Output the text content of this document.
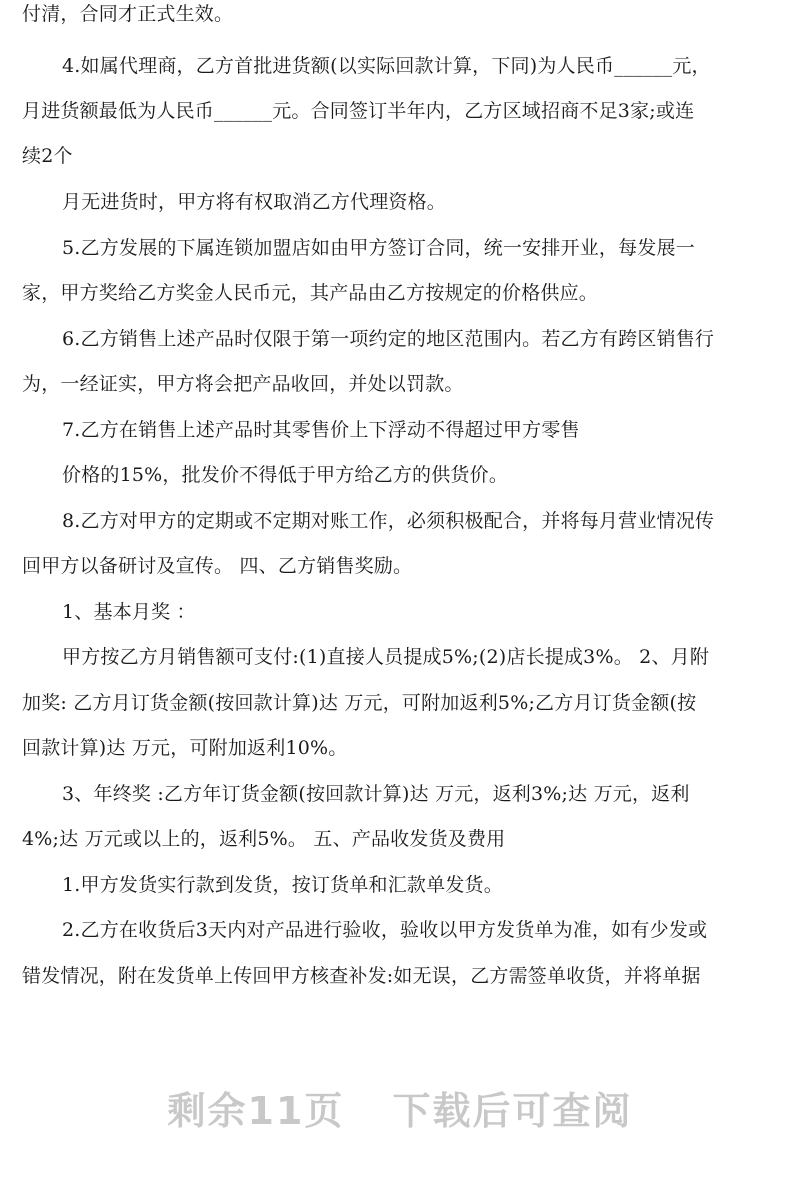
付清，合同才正式生效。
4.如属代理商，乙方首批进货额(以实际回款计算，下同)为人民币______元，
月进货额最低为人民币______元。合同签订半年内，乙方区域招商不足3家;或连
续2个
月无进货时，甲方将有权取消乙方代理资格。
5.乙方发展的下属连锁加盟店如由甲方签订合同，统一安排开业，每发展一
家，甲方奖给乙方奖金人民币元，其产品由乙方按规定的价格供应。
6.乙方销售上述产品时仅限于第一项约定的地区范围内。若乙方有跨区销售行
为，一经证实，甲方将会把产品收回，并处以罚款。
7.乙方在销售上述产品时其零售价上下浮动不得超过甲方零售
价格的15%，批发价不得低于甲方给乙方的供货价。
8.乙方对甲方的定期或不定期对账工作，必须积极配合，并将每月营业情况传
回甲方以备研讨及宣传。 四、乙方销售奖励。
1、基本月奖 ：
甲方按乙方月销售额可支付:(1)直接人员提成5%;(2)店长提成3%。 2、月附
加奖: 乙方月订货金额(按回款计算)达 万元，可附加返利5%;乙方月订货金额(按
回款计算)达 万元，可附加返利10%。
3、年终奖 :乙方年订货金额(按回款计算)达 万元，返利3%;达 万元，返利
4%;达 万元或以上的，返利5%。 五、产品收发货及费用
1.甲方发货实行款到发货，按订货单和汇款单发货。
2.乙方在收货后3天内对产品进行验收，验收以甲方发货单为准，如有少发或
错发情况，附在发货单上传回甲方核查补发:如无误，乙方需签单收货，并将单据
剩余11页 下载后可查阅
